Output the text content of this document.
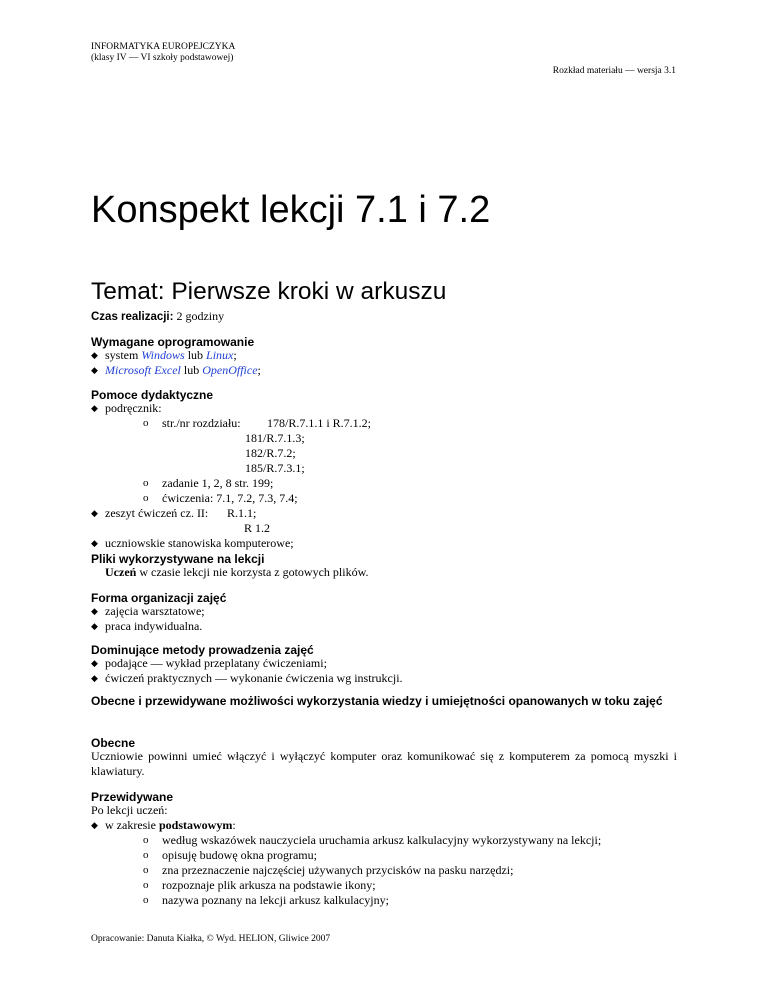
INFORMATYKA EUROPEJCZYKA
(klasy IV — VI szkoły podstawowej)
Rozkład materiału — wersja 3.1
Konspekt lekcji 7.1 i 7.2
Temat: Pierwsze kroki w arkuszu
Czas realizacji: 2 godziny
Wymagane oprogramowanie
◆ system Windows lub Linux;
◆ Microsoft Excel lub OpenOffice;
Pomoce dydaktyczne
◆ podręcznik:
o str./nr rozdziału: 178/R.7.1.1 i R.7.1.2;
181/R.7.1.3;
182/R.7.2;
185/R.7.3.1;
o zadanie 1, 2, 8 str. 199;
o ćwiczenia: 7.1, 7.2, 7.3, 7.4;
◆ zeszyt ćwiczeń cz. II: R.1.1;
R 1.2
◆ uczniowskie stanowiska komputerowe;
Pliki wykorzystywane na lekcji
Uczeń w czasie lekcji nie korzysta z gotowych plików.
Forma organizacji zajęć
◆ zajęcia warsztatowe;
◆ praca indywidualna.
Dominujące metody prowadzenia zajęć
◆ podające — wykład przeplatany ćwiczeniami;
◆ ćwiczeń praktycznych — wykonanie ćwiczenia wg instrukcji.
Obecne i przewidywane możliwości wykorzystania wiedzy i umiejętności opanowanych w toku zajęć
Obecne
Uczniowie powinni umieć włączyć i wyłączyć komputer oraz komunikować się z komputerem za pomocą myszki i klawiatury.
Przewidywane
Po lekcji uczeń:
◆ w zakresie podstawowym:
o według wskazówek nauczyciela uruchamia arkusz kalkulacyjny wykorzystywany na lekcji;
o opisuję budowę okna programu;
o zna przeznaczenie najczęściej używanych przycisków na pasku narzędzi;
o rozpoznaje plik arkusza na podstawie ikony;
o nazywa poznany na lekcji arkusz kalkulacyjny;
Opracowanie: Danuta Kiałka, © Wyd. HELION, Gliwice 2007
